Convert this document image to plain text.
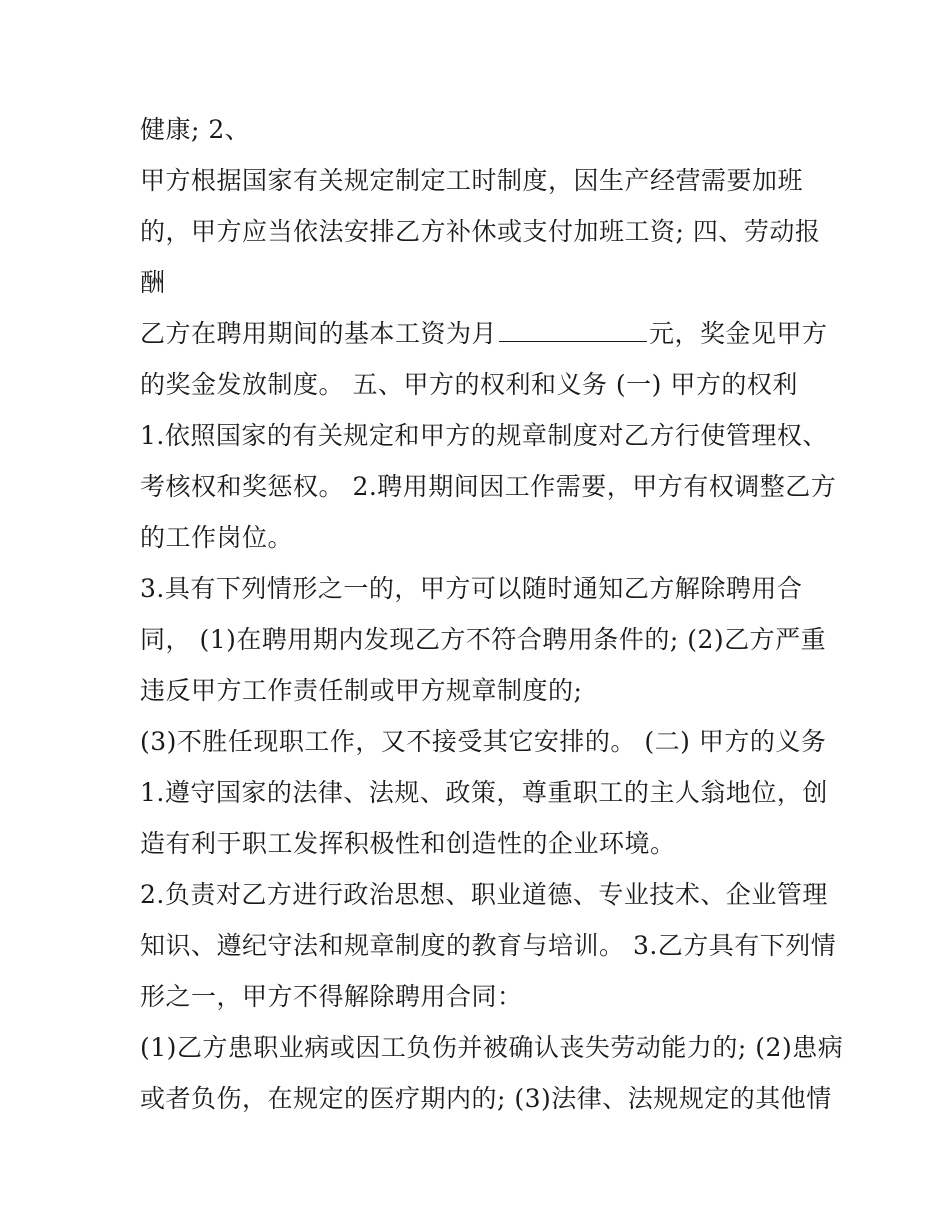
健康; 2、
甲方根据国家有关规定制定工时制度，因生产经营需要加班
的，甲方应当依法安排乙方补休或支付加班工资; 四、劳动报
酬
乙方在聘用期间的基本工资为月	元，奖金见甲方
的奖金发放制度。 五、甲方的权利和义务 (一) 甲方的权利
1.依照国家的有关规定和甲方的规章制度对乙方行使管理权、
考核权和奖惩权。 2.聘用期间因工作需要，甲方有权调整乙方
的工作岗位。
3.具有下列情形之一的，甲方可以随时通知乙方解除聘用合
同， (1)在聘用期内发现乙方不符合聘用条件的; (2)乙方严重
违反甲方工作责任制或甲方规章制度的;
(3)不胜任现职工作，又不接受其它安排的。 (二) 甲方的义务
1.遵守国家的法律、法规、政策，尊重职工的主人翁地位，创
造有利于职工发挥积极性和创造性的企业环境。
2.负责对乙方进行政治思想、职业道德、专业技术、企业管理
知识、遵纪守法和规章制度的教育与培训。 3.乙方具有下列情
形之一，甲方不得解除聘用合同：
(1)乙方患职业病或因工负伤并被确认丧失劳动能力的; (2)患病
或者负伤，在规定的医疗期内的; (3)法律、法规规定的其他情
